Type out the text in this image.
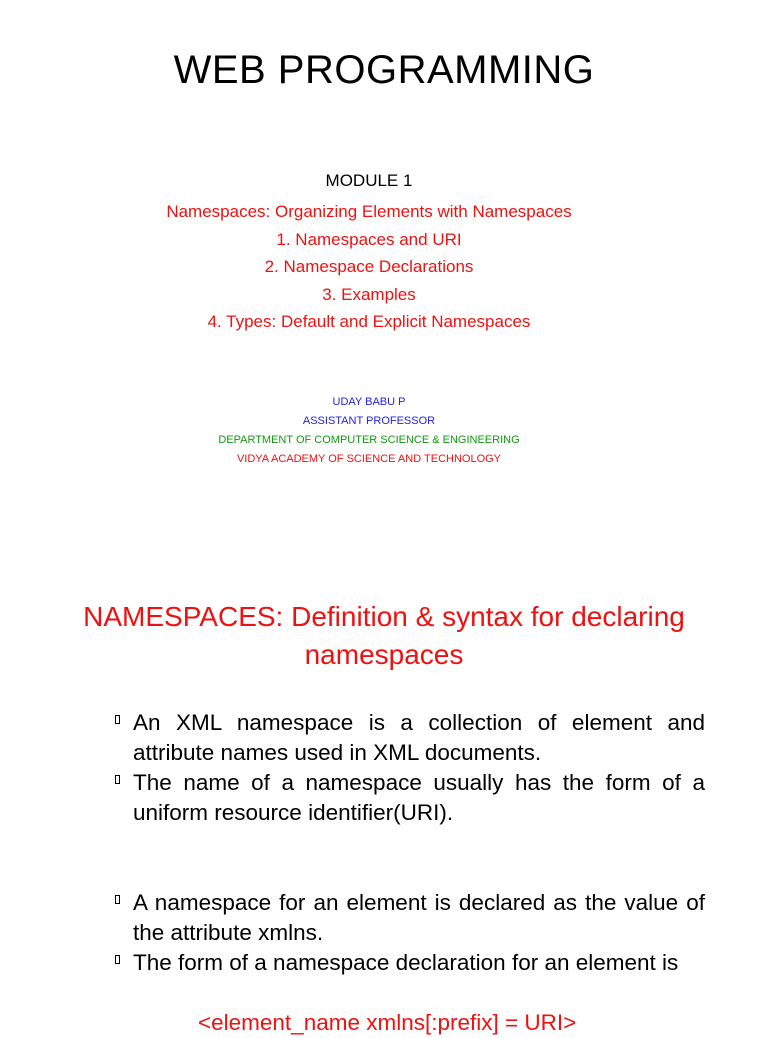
WEB PROGRAMMING
MODULE 1
Namespaces: Organizing Elements with Namespaces
1. Namespaces and URI
2. Namespace Declarations
3. Examples
4. Types: Default and Explicit Namespaces
UDAY BABU P
ASSISTANT PROFESSOR
DEPARTMENT OF COMPUTER SCIENCE & ENGINEERING
VIDYA ACADEMY OF SCIENCE AND TECHNOLOGY
NAMESPACES: Definition & syntax for declaring namespaces
An XML namespace is a collection of element and attribute names used in XML documents.
The name of a namespace usually has the form of a uniform resource identifier(URI).
A namespace for an element is declared as the value of the attribute xmlns.
The form of a namespace declaration for an element is
<element_name xmlns[:prefix] = URI>
